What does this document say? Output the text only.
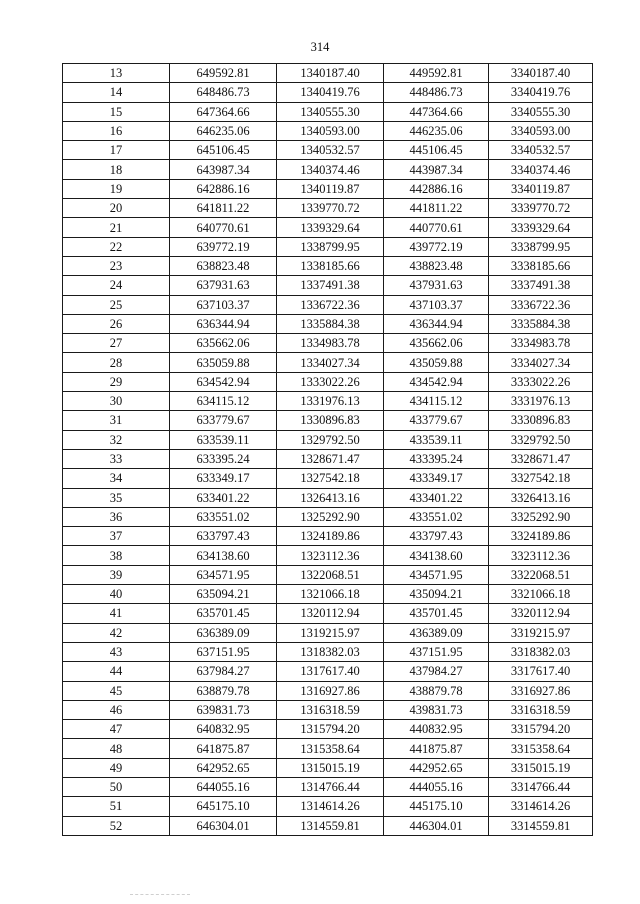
314
13	649592.81	1340187.40	449592.81	3340187.40
14	648486.73	1340419.76	448486.73	3340419.76
15	647364.66	1340555.30	447364.66	3340555.30
16	646235.06	1340593.00	446235.06	3340593.00
17	645106.45	1340532.57	445106.45	3340532.57
18	643987.34	1340374.46	443987.34	3340374.46
19	642886.16	1340119.87	442886.16	3340119.87
20	641811.22	1339770.72	441811.22	3339770.72
21	640770.61	1339329.64	440770.61	3339329.64
22	639772.19	1338799.95	439772.19	3338799.95
23	638823.48	1338185.66	438823.48	3338185.66
24	637931.63	1337491.38	437931.63	3337491.38
25	637103.37	1336722.36	437103.37	3336722.36
26	636344.94	1335884.38	436344.94	3335884.38
27	635662.06	1334983.78	435662.06	3334983.78
28	635059.88	1334027.34	435059.88	3334027.34
29	634542.94	1333022.26	434542.94	3333022.26
30	634115.12	1331976.13	434115.12	3331976.13
31	633779.67	1330896.83	433779.67	3330896.83
32	633539.11	1329792.50	433539.11	3329792.50
33	633395.24	1328671.47	433395.24	3328671.47
34	633349.17	1327542.18	433349.17	3327542.18
35	633401.22	1326413.16	433401.22	3326413.16
36	633551.02	1325292.90	433551.02	3325292.90
37	633797.43	1324189.86	433797.43	3324189.86
38	634138.60	1323112.36	434138.60	3323112.36
39	634571.95	1322068.51	434571.95	3322068.51
40	635094.21	1321066.18	435094.21	3321066.18
41	635701.45	1320112.94	435701.45	3320112.94
42	636389.09	1319215.97	436389.09	3319215.97
43	637151.95	1318382.03	437151.95	3318382.03
44	637984.27	1317617.40	437984.27	3317617.40
45	638879.78	1316927.86	438879.78	3316927.86
46	639831.73	1316318.59	439831.73	3316318.59
47	640832.95	1315794.20	440832.95	3315794.20
48	641875.87	1315358.64	441875.87	3315358.64
49	642952.65	1315015.19	442952.65	3315015.19
50	644055.16	1314766.44	444055.16	3314766.44
51	645175.10	1314614.26	445175.10	3314614.26
52	646304.01	1314559.81	446304.01	3314559.81
